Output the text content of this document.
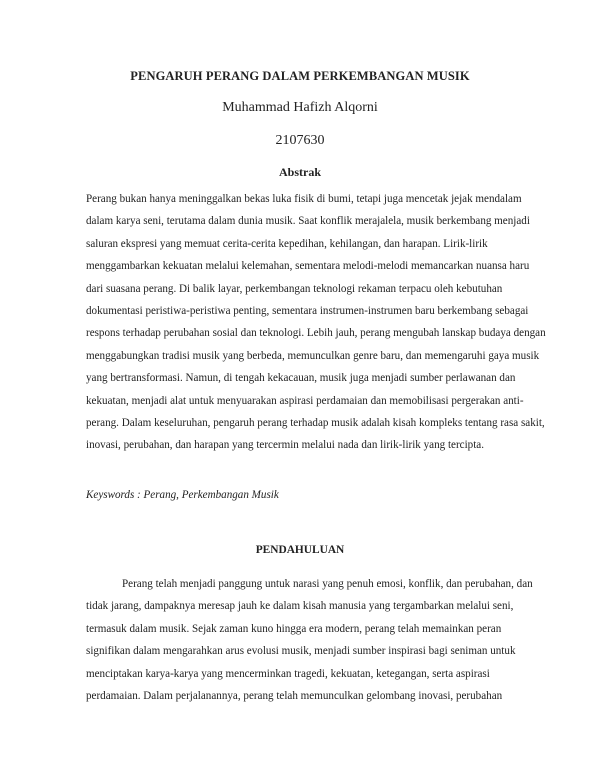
PENGARUH PERANG DALAM PERKEMBANGAN MUSIK
Muhammad Hafizh Alqorni
2107630
Abstrak

Perang bukan hanya meninggalkan bekas luka fisik di bumi, tetapi juga mencetak jejak mendalam dalam karya seni, terutama dalam dunia musik. Saat konflik merajalela, musik berkembang menjadi saluran ekspresi yang memuat cerita-cerita kepedihan, kehilangan, dan harapan. Lirik-lirik menggambarkan kekuatan melalui kelemahan, sementara melodi-melodi memancarkan nuansa haru dari suasana perang. Di balik layar, perkembangan teknologi rekaman terpacu oleh kebutuhan dokumentasi peristiwa-peristiwa penting, sementara instrumen-instrumen baru berkembang sebagai respons terhadap perubahan sosial dan teknologi. Lebih jauh, perang mengubah lanskap budaya dengan menggabungkan tradisi musik yang berbeda, memunculkan genre baru, dan memengaruhi gaya musik yang bertransformasi. Namun, di tengah kekacauan, musik juga menjadi sumber perlawanan dan kekuatan, menjadi alat untuk menyuarakan aspirasi perdamaian dan memobilisasi pergerakan anti-perang. Dalam keseluruhan, pengaruh perang terhadap musik adalah kisah kompleks tentang rasa sakit, inovasi, perubahan, dan harapan yang tercermin melalui nada dan lirik-lirik yang tercipta.

Keyswords : Perang, Perkembangan Musik
PENDAHULUAN

Perang telah menjadi panggung untuk narasi yang penuh emosi, konflik, dan perubahan, dan tidak jarang, dampaknya meresap jauh ke dalam kisah manusia yang tergambarkan melalui seni, termasuk dalam musik. Sejak zaman kuno hingga era modern, perang telah memainkan peran signifikan dalam mengarahkan arus evolusi musik, menjadi sumber inspirasi bagi seniman untuk menciptakan karya-karya yang mencerminkan tragedi, kekuatan, ketegangan, serta aspirasi perdamaian. Dalam perjalanannya, perang telah memunculkan gelombang inovasi, perubahan
